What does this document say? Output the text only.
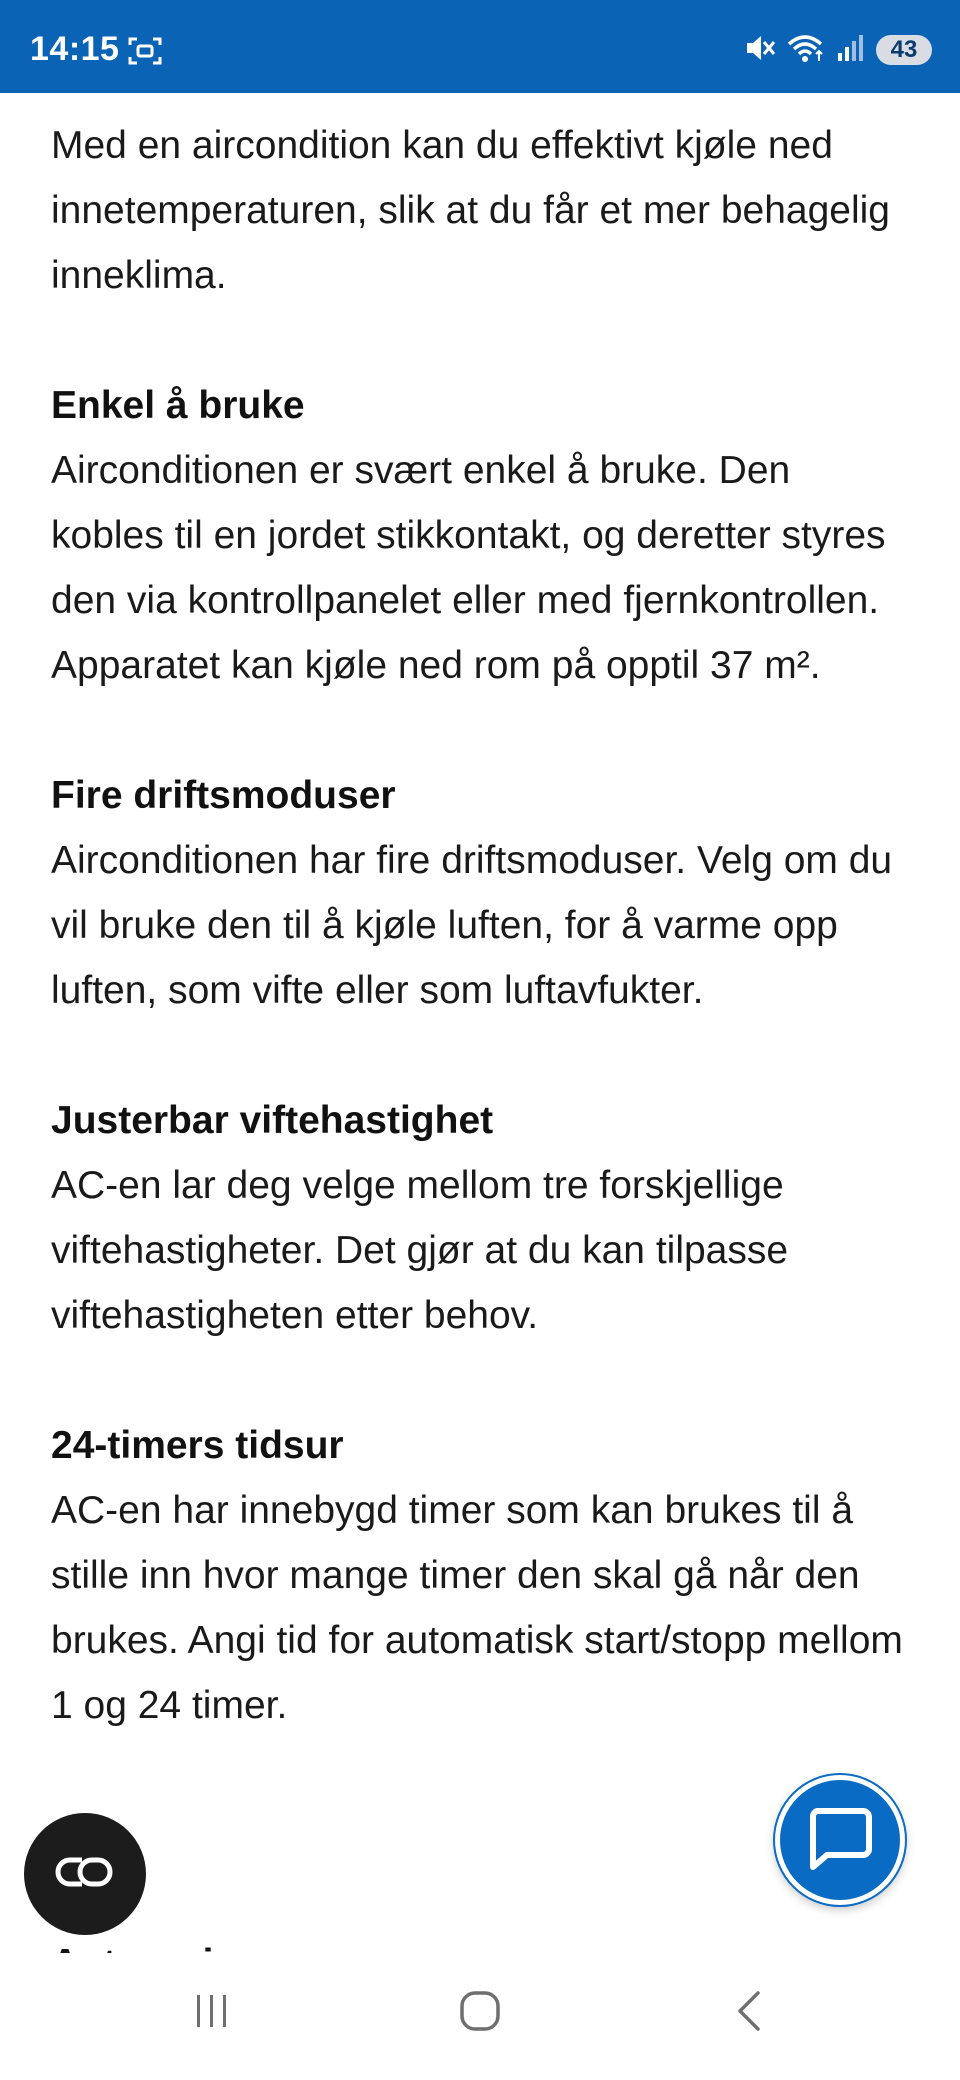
14:15	43

Med en aircondition kan du effektivt kjøle ned innetemperaturen, slik at du får et mer behagelig inneklima.

Enkel å bruke

Airconditionen er svært enkel å bruke. Den kobles til en jordet stikkontakt, og deretter styres den via kontrollpanelet eller med fjernkontrollen. Apparatet kan kjøle ned rom på opptil 37 m².

Fire driftsmoduser

Airconditionen har fire driftsmoduser. Velg om du vil bruke den til å kjøle luften, for å varme opp luften, som vifte eller som luftavfukter.

Justerbar viftehastighet

AC-en lar deg velge mellom tre forskjellige viftehastigheter. Det gjør at du kan tilpasse viftehastigheten etter behov.

24-timers tidsur

AC-en har innebygd timer som kan brukes til å stille inn hvor mange timer den skal gå når den brukes. Angi tid for automatisk start/stopp mellom 1 og 24 timer.
